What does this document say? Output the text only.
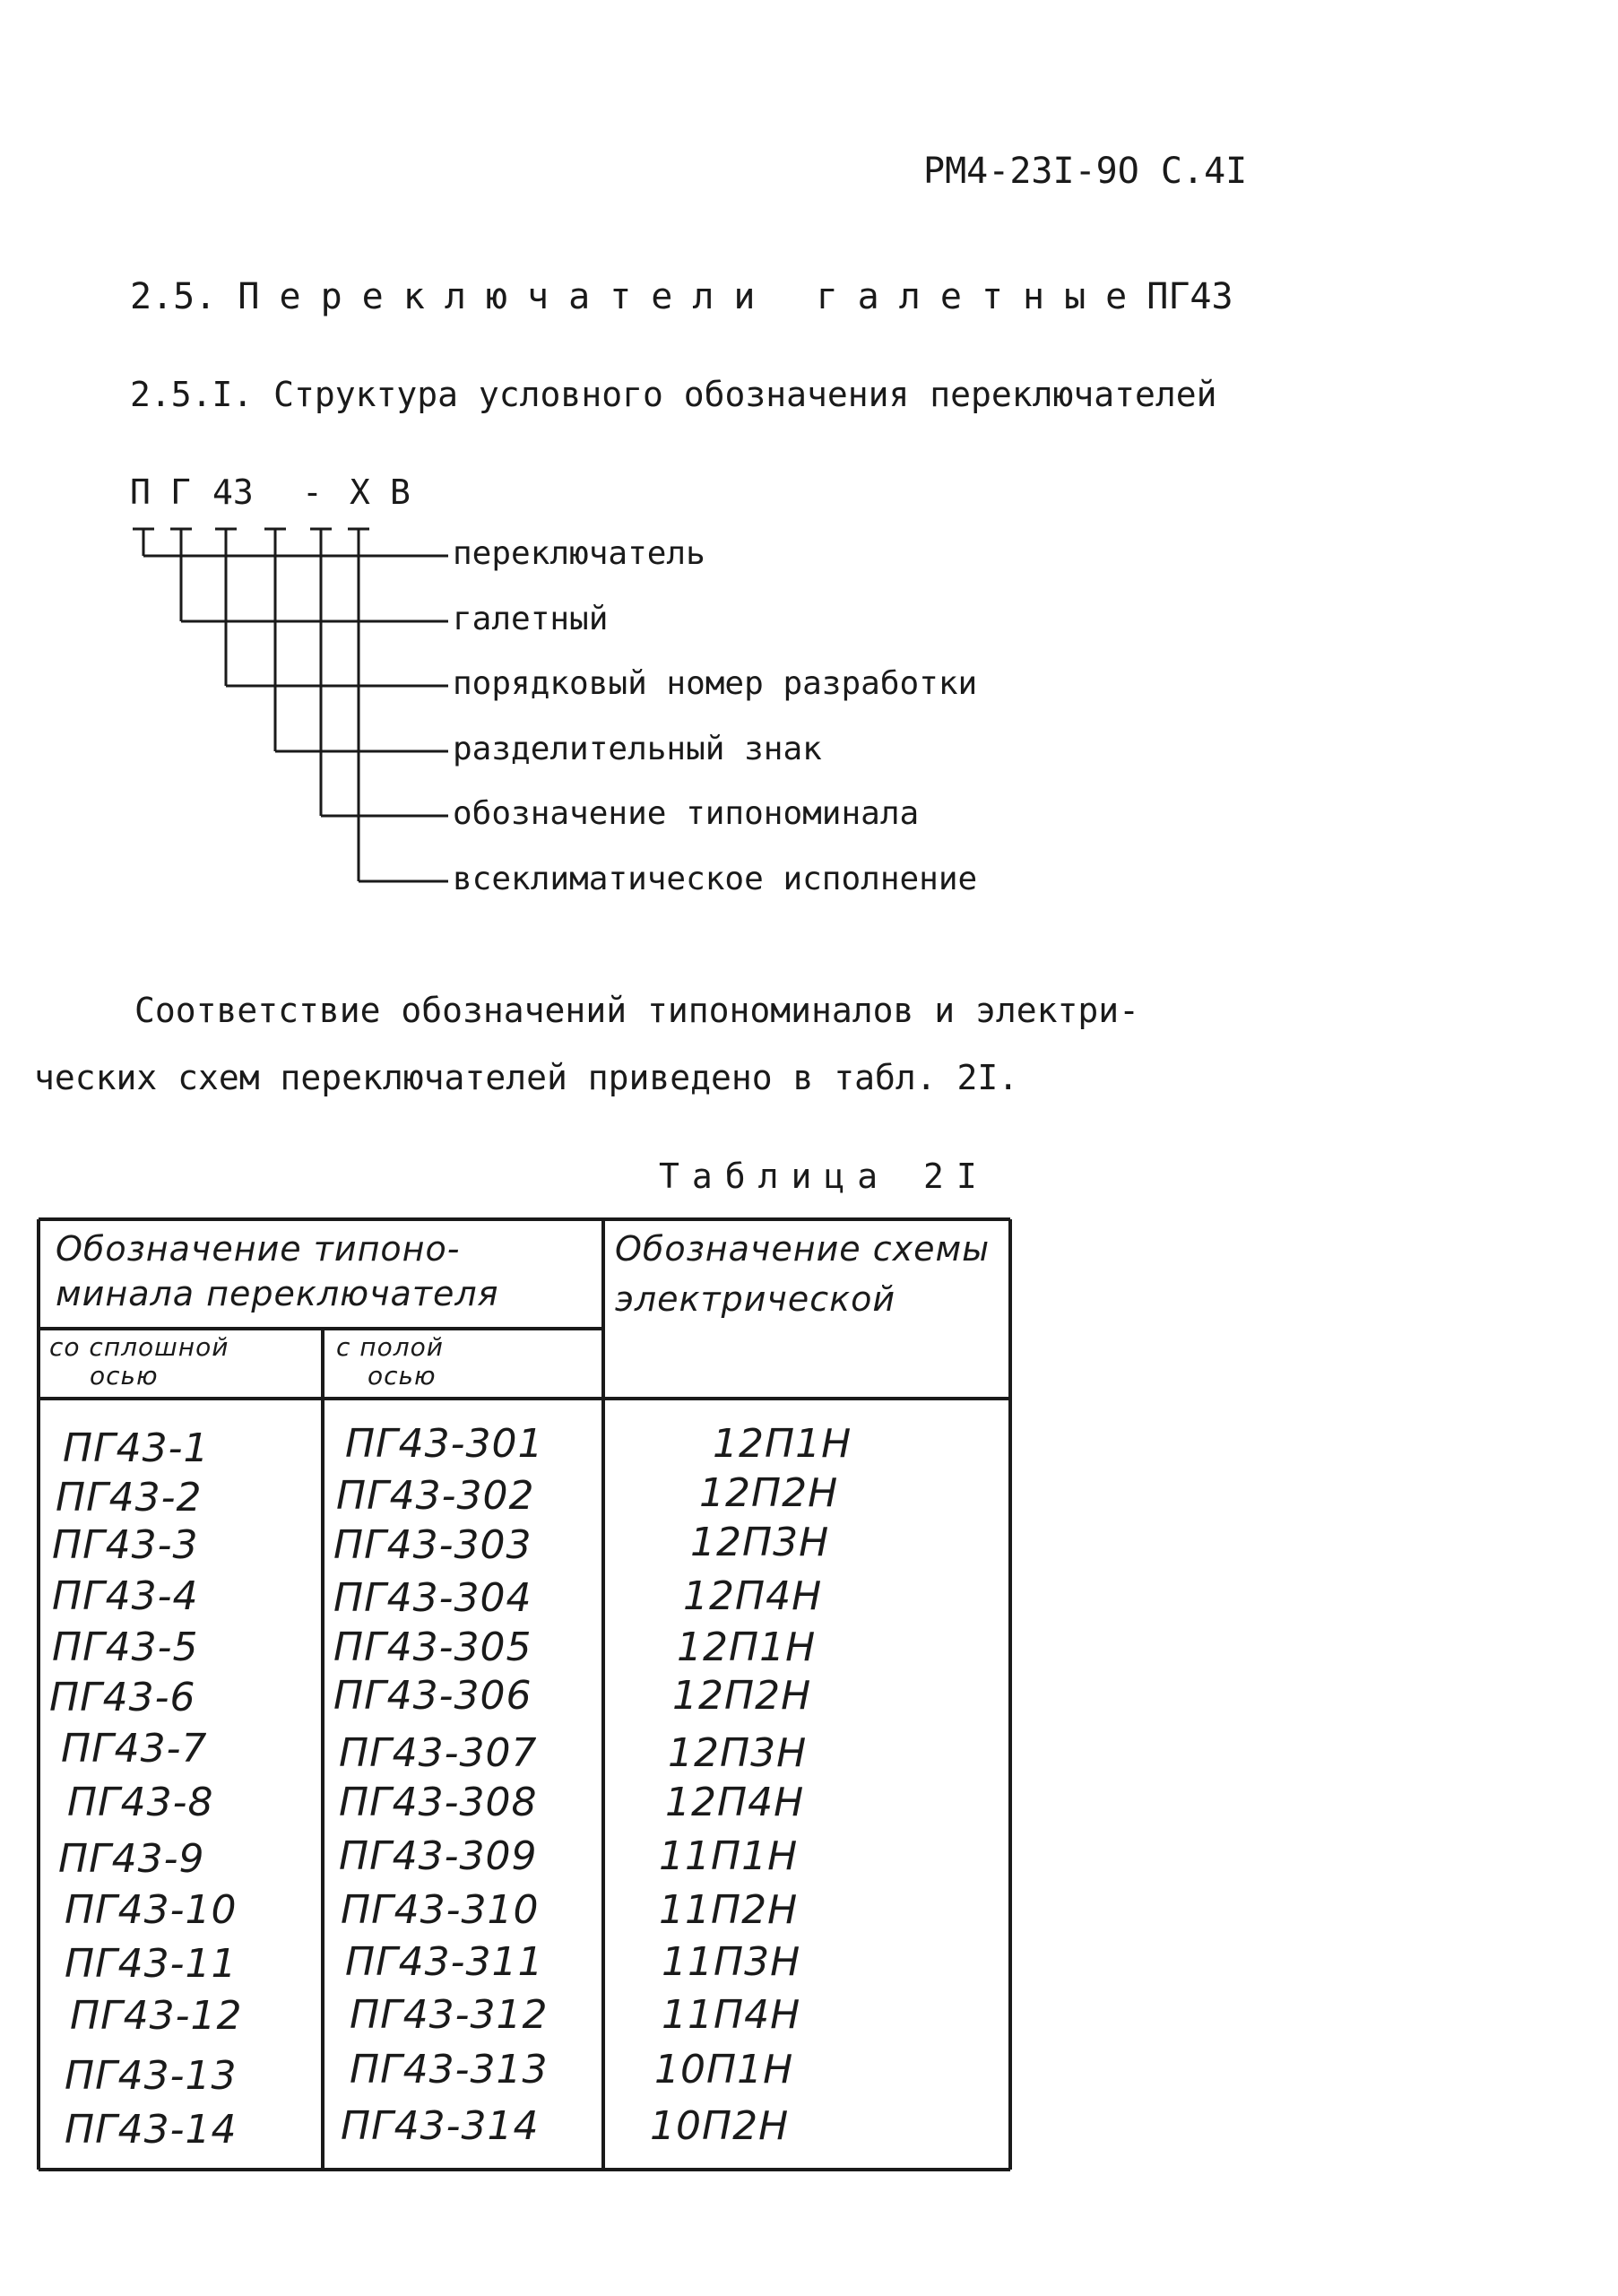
РМ4-23I-9Ο С.4I
2.5. Переключатели галетныеПГ43
2.5.I. Структура условного обозначения переключателей
П Г 43 - Х В
переключатель
галетный
порядковый номер разработки
разделительный знак
обозначение типономинала
всеклиматическое исполнение
Соответствие обозначений типономиналов и электри-
ческих схем переключателей приведено в табл. 2I.
Таблица 2I
Обозначение типоно-
минала переключателя
Обозначение схемы
электрической
со сплошной
осью
с полой
осью
ПГ43-1	ПГ43-301	12П1Н
ПГ43-2	ПГ43-302	12П2Н
ПГ43-3	ПГ43-303	12П3Н
ПГ43-4	ПГ43-304	12П4Н
ПГ43-5	ПГ43-305	12П1Н
ПГ43-6	ПГ43-306	12П2Н
ПГ43-7	ПГ43-307	12П3Н
ПГ43-8	ПГ43-308	12П4Н
ПГ43-9	ПГ43-309	11П1Н
ПГ43-10	ПГ43-310	11П2Н
ПГ43-11	ПГ43-311	11П3Н
ПГ43-12	ПГ43-312	11П4Н
ПГ43-13	ПГ43-313	10П1Н
ПГ43-14	ПГ43-314	10П2Н
